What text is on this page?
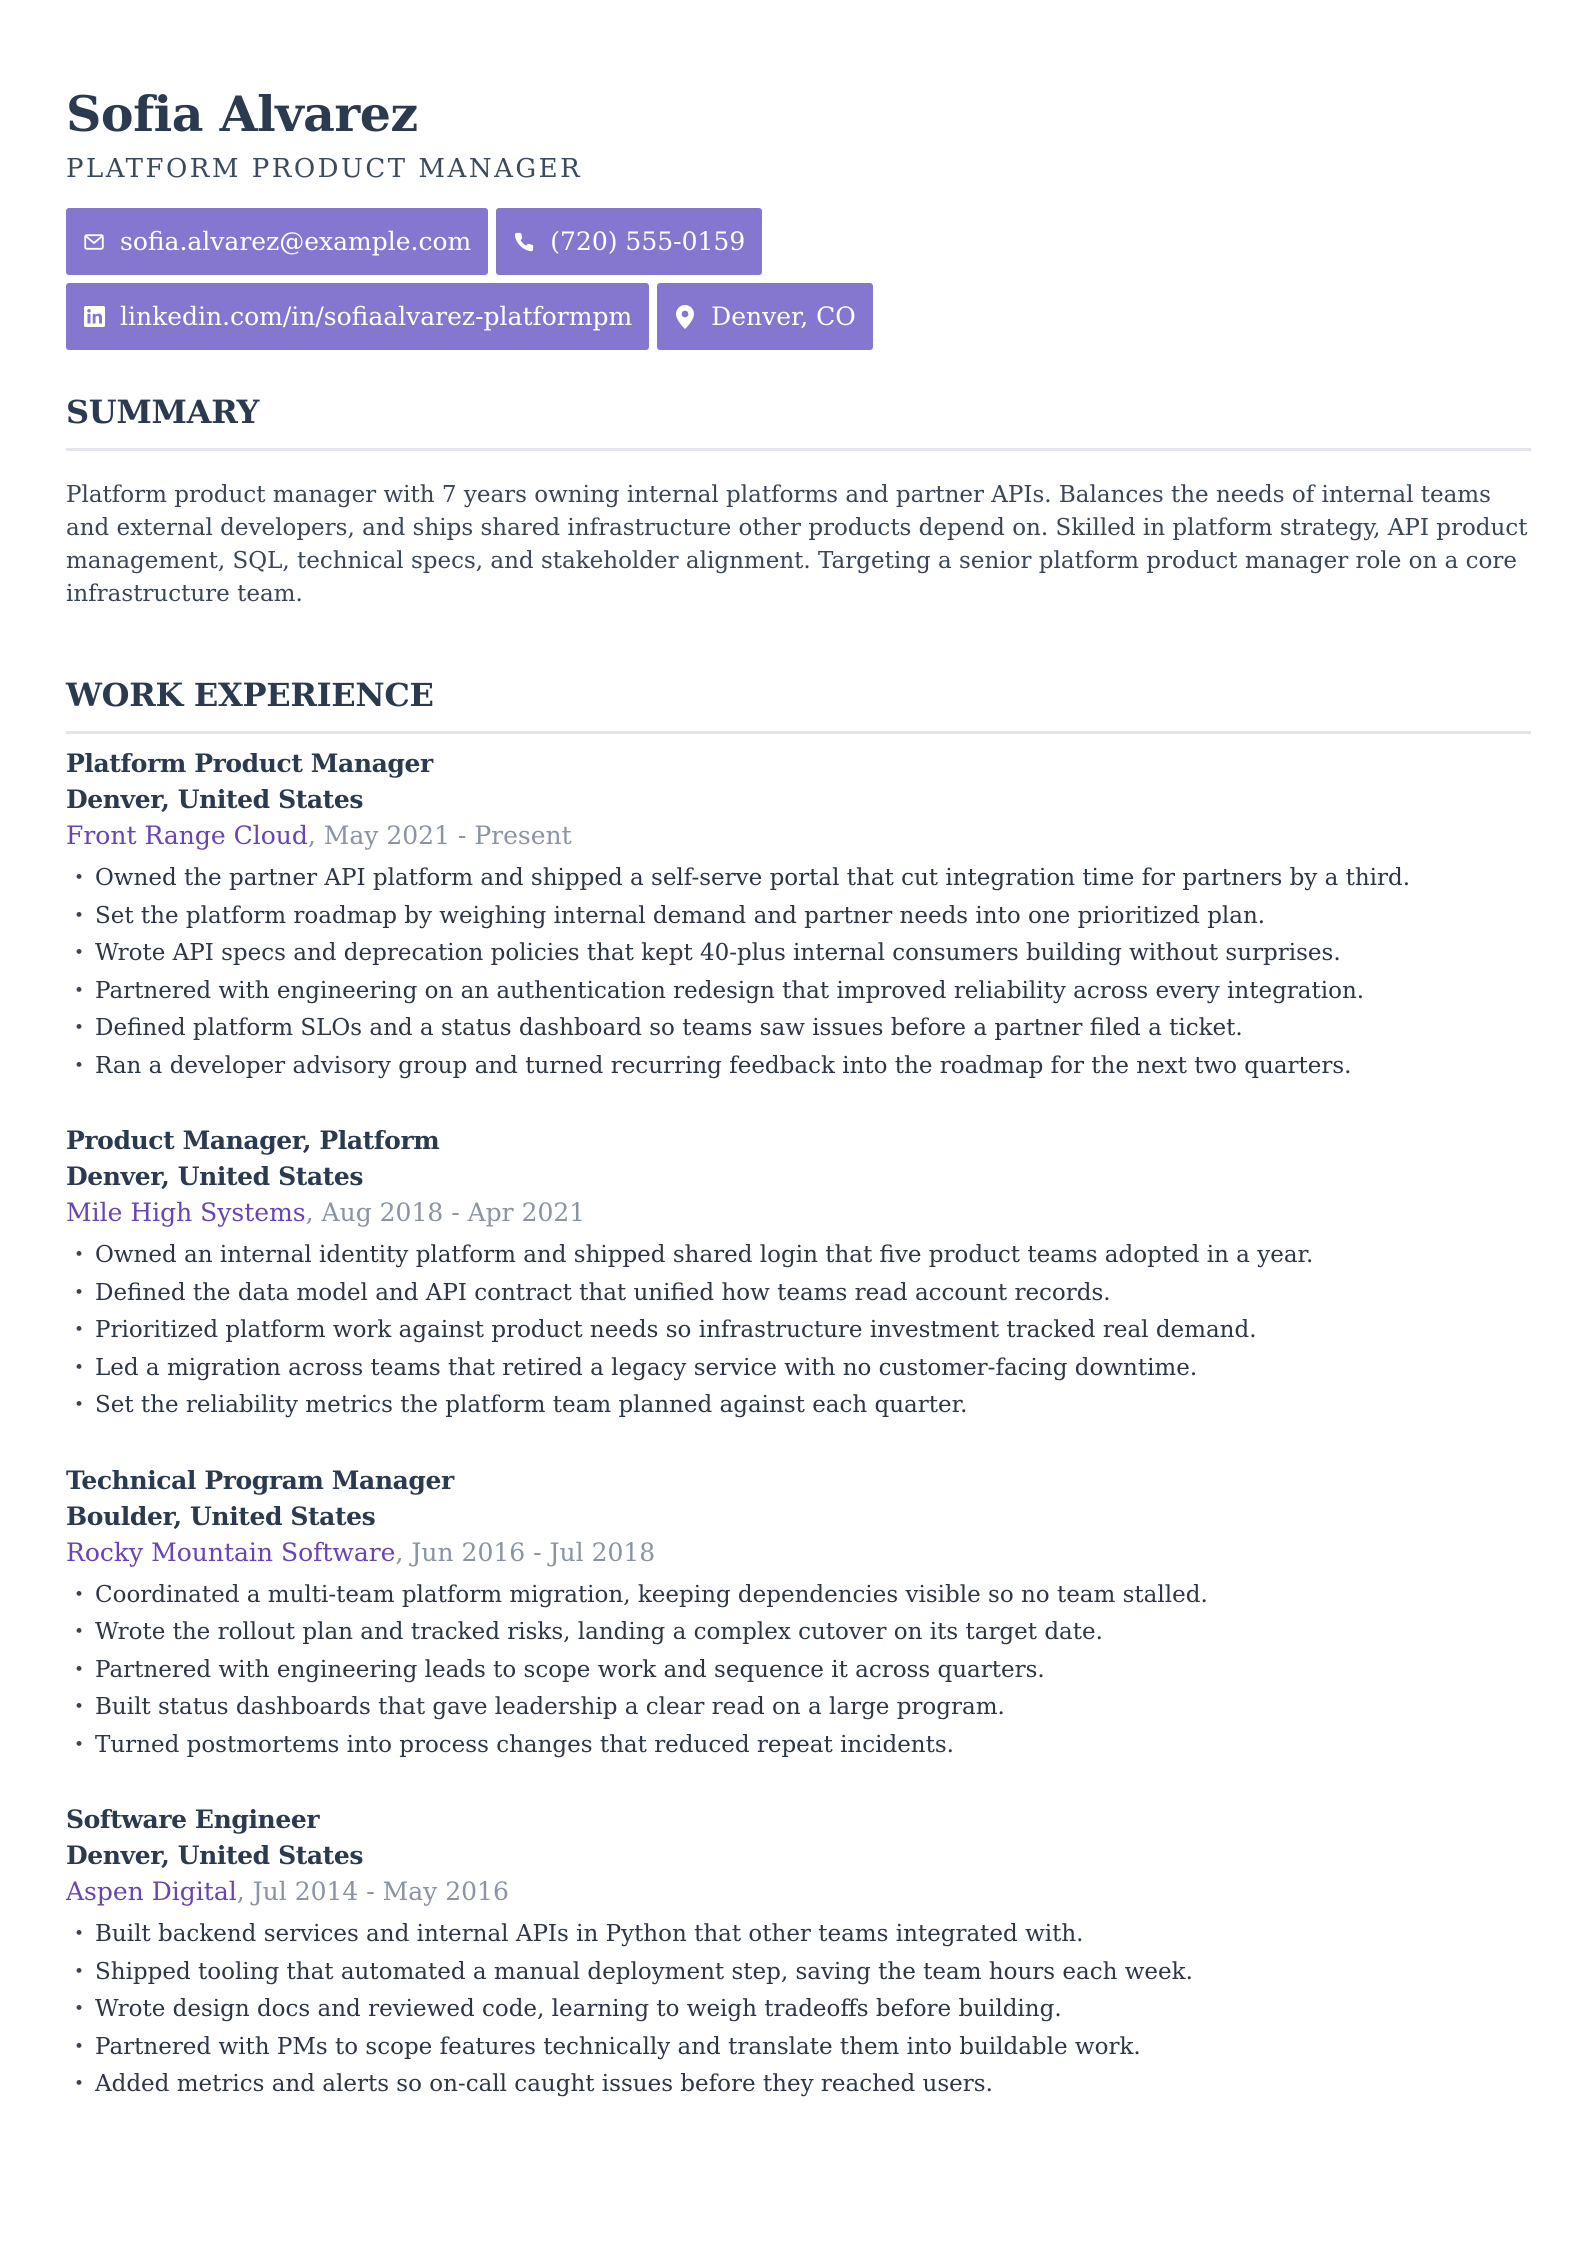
Sofia Alvarez
PLATFORM PRODUCT MANAGER
sofia.alvarez@example.com	(720) 555-0159
linkedin.com/in/sofiaalvarez-platformpm	Denver, CO
SUMMARY

Platform product manager with 7 years owning internal platforms and partner APIs. Balances the needs of internal teams and external developers, and ships shared infrastructure other products depend on. Skilled in platform strategy, API product management, SQL, technical specs, and stakeholder alignment. Targeting a senior platform product manager role on a core infrastructure team.

WORK EXPERIENCE
Platform Product Manager
Denver, United States
Front Range Cloud, May 2021 - Present
• Owned the partner API platform and shipped a self-serve portal that cut integration time for partners by a third.
• Set the platform roadmap by weighing internal demand and partner needs into one prioritized plan.
• Wrote API specs and deprecation policies that kept 40-plus internal consumers building without surprises.
• Partnered with engineering on an authentication redesign that improved reliability across every integration.
• Defined platform SLOs and a status dashboard so teams saw issues before a partner filed a ticket.
• Ran a developer advisory group and turned recurring feedback into the roadmap for the next two quarters.
Product Manager, Platform
Denver, United States
Mile High Systems, Aug 2018 - Apr 2021
• Owned an internal identity platform and shipped shared login that five product teams adopted in a year.
• Defined the data model and API contract that unified how teams read account records.
• Prioritized platform work against product needs so infrastructure investment tracked real demand.
• Led a migration across teams that retired a legacy service with no customer-facing downtime.
• Set the reliability metrics the platform team planned against each quarter.
Technical Program Manager
Boulder, United States
Rocky Mountain Software, Jun 2016 - Jul 2018
• Coordinated a multi-team platform migration, keeping dependencies visible so no team stalled.
• Wrote the rollout plan and tracked risks, landing a complex cutover on its target date.
• Partnered with engineering leads to scope work and sequence it across quarters.
• Built status dashboards that gave leadership a clear read on a large program.
• Turned postmortems into process changes that reduced repeat incidents.
Software Engineer
Denver, United States
Aspen Digital, Jul 2014 - May 2016
• Built backend services and internal APIs in Python that other teams integrated with.
• Shipped tooling that automated a manual deployment step, saving the team hours each week.
• Wrote design docs and reviewed code, learning to weigh tradeoffs before building.
• Partnered with PMs to scope features technically and translate them into buildable work.
• Added metrics and alerts so on-call caught issues before they reached users.
